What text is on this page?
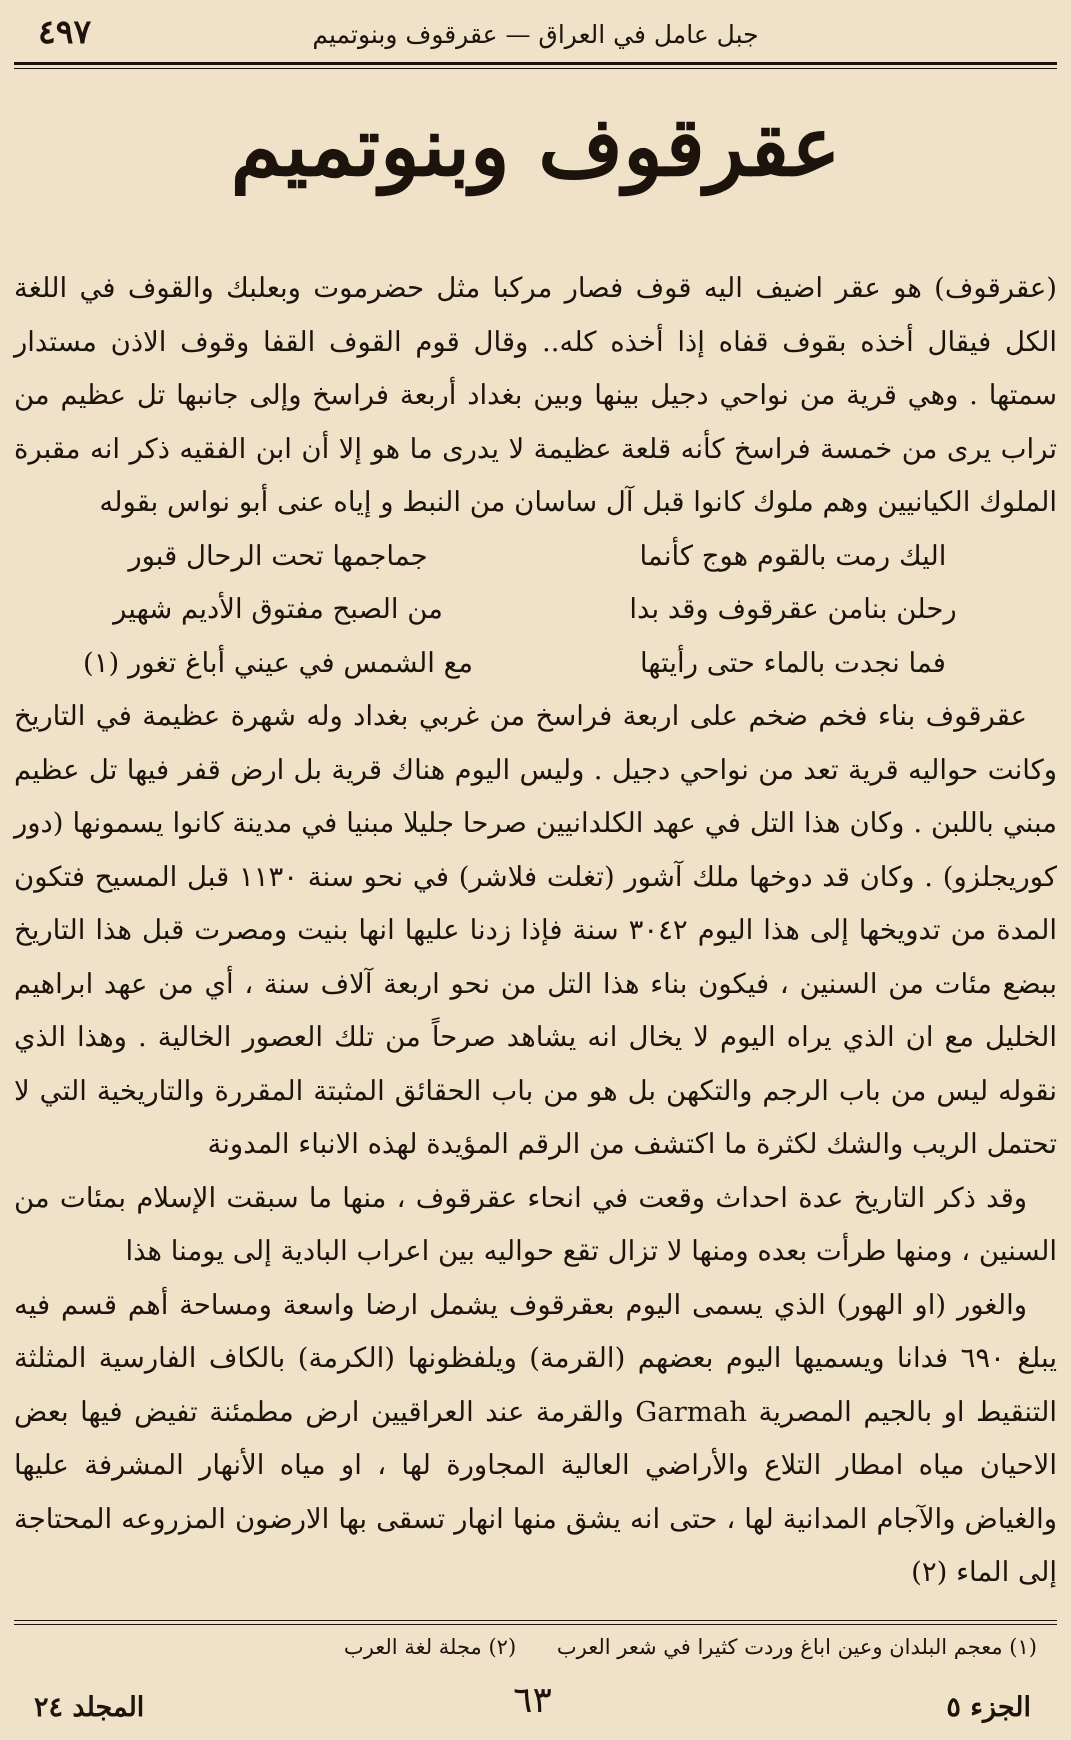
جبل عامل في العراق — عقرقوف وبنوتميم
٤٩٧
عقرقوف وبنوتميم

(عقرقوف) هو عقر اضيف اليه قوف فصار مركبا مثل حضرموت وبعلبك والقوف في اللغة الكل فيقال أخذه بقوف قفاه إذا أخذه كله.. وقال قوم القوف القفا وقوف الاذن مستدار سمتها . وهي قرية من نواحي دجيل بينها وبين بغداد أربعة فراسخ وإلى جانبها تل عظيم من تراب يرى من خمسة فراسخ كأنه قلعة عظيمة لا يدرى ما هو إلا أن ابن الفقيه ذكر انه مقبرة الملوك الكيانيين وهم ملوك كانوا قبل آل ساسان من النبط و إياه عنى أبو نواس بقوله

اليك رمت بالقوم هوج كأنما
جماجمها تحت الرحال قبور
رحلن بنامن عقرقوف وقد بدا
من الصبح مفتوق الأديم شهير
فما نجدت بالماء حتى رأيتها
مع الشمس في عيني أباغ تغور (١)

عقرقوف بناء فخم ضخم على اربعة فراسخ من غربي بغداد وله شهرة عظيمة في التاريخ وكانت حواليه قرية تعد من نواحي دجيل . وليس اليوم هناك قرية بل ارض قفر فيها تل عظيم مبني باللبن . وكان هذا التل في عهد الكلدانيين صرحا جليلا مبنيا في مدينة كانوا يسمونها (دور كوريجلزو) . وكان قد دوخها ملك آشور (تغلت فلاشر) في نحو سنة ١١٣٠ قبل المسيح فتكون المدة من تدويخها إلى هذا اليوم ٣٠٤٢ سنة فإذا زدنا عليها انها بنيت ومصرت قبل هذا التاريخ ببضع مئات من السنين ، فيكون بناء هذا التل من نحو اربعة آلاف سنة ، أي من عهد ابراهيم الخليل مع ان الذي يراه اليوم لا يخال انه يشاهد صرحاً من تلك العصور الخالية . وهذا الذي نقوله ليس من باب الرجم والتكهن بل هو من باب الحقائق المثبتة المقررة والتاريخية التي لا تحتمل الريب والشك لكثرة ما اكتشف من الرقم المؤيدة لهذه الانباء المدونة

وقد ذكر التاريخ عدة احداث وقعت في انحاء عقرقوف ، منها ما سبقت الإسلام بمئات من السنين ، ومنها طرأت بعده ومنها لا تزال تقع حواليه بين اعراب البادية إلى يومنا هذا

والغور (او الهور) الذي يسمى اليوم بعقرقوف يشمل ارضا واسعة ومساحة أهم قسم فيه يبلغ ٦٩٠ فدانا ويسميها اليوم بعضهم (القرمة) ويلفظونها (الكرمة) بالكاف الفارسية المثلثة التنقيط او بالجيم المصرية Garmah والقرمة عند العراقيين ارض مطمئنة تفيض فيها بعض الاحيان مياه امطار التلاع والأراضي العالية المجاورة لها ، او مياه الأنهار المشرفة عليها والغياض والآجام المدانية لها ، حتى انه يشق منها انهار تسقى بها الارضون المزروعه المحتاجة إلى الماء (٢)

(١) معجم البلدان وعين اباغ وردت كثيرا في شعر العرب (٢) مجلة لغة العرب
الجزء ٥
٦٣
المجلد ٢٤
